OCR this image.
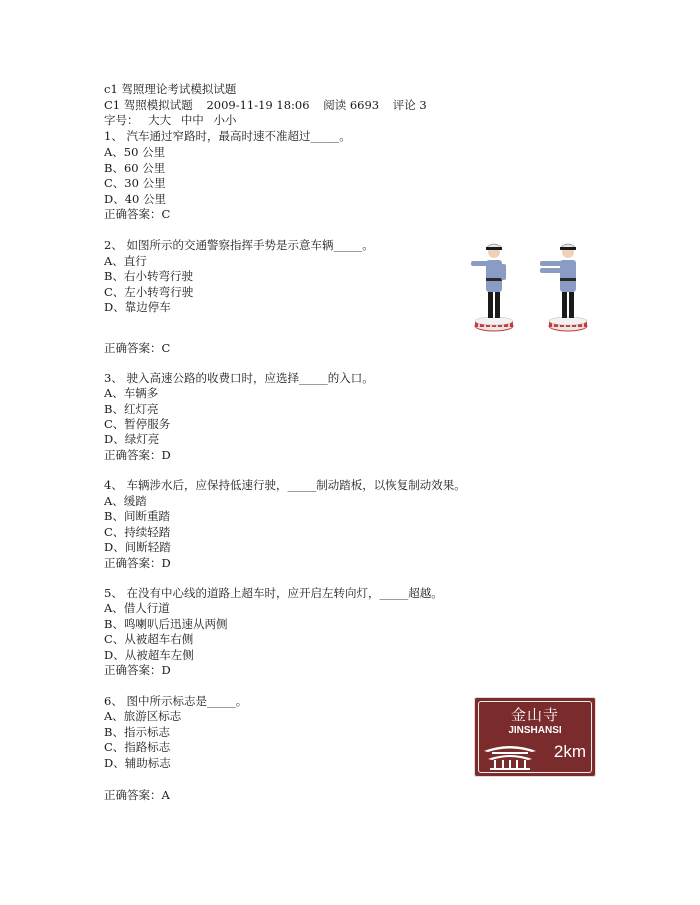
c1 驾照理论考试模拟试题
C1 驾照模拟试题 2009-11-19 18:06 阅读 6693 评论 3
字号： 大大 中中 小小
1、 汽车通过窄路时，最高时速不准超过_____。
A、50 公里
B、60 公里
C、30 公里
D、40 公里
正确答案：C
2、 如图所示的交通警察指挥手势是示意车辆_____。
A、直行
B、右小转弯行驶
C、左小转弯行驶
D、靠边停车
正确答案：C
3、 驶入高速公路的收费口时，应选择_____的入口。
A、车辆多
B、红灯亮
C、暂停服务
D、绿灯亮
正确答案：D
4、 车辆涉水后，应保持低速行驶，_____制动踏板，以恢复制动效果。
A、缓踏
B、间断重踏
C、持续轻踏
D、间断轻踏
正确答案：D
5、 在没有中心线的道路上超车时，应开启左转向灯，_____超越。
A、借人行道
B、鸣喇叭后迅速从两侧
C、从被超车右侧
D、从被超车左侧
正确答案：D
6、 图中所示标志是_____。
A、旅游区标志
B、指示标志
C、指路标志
D、辅助标志
正确答案：A
金山寺
JINSHANSI
2km
